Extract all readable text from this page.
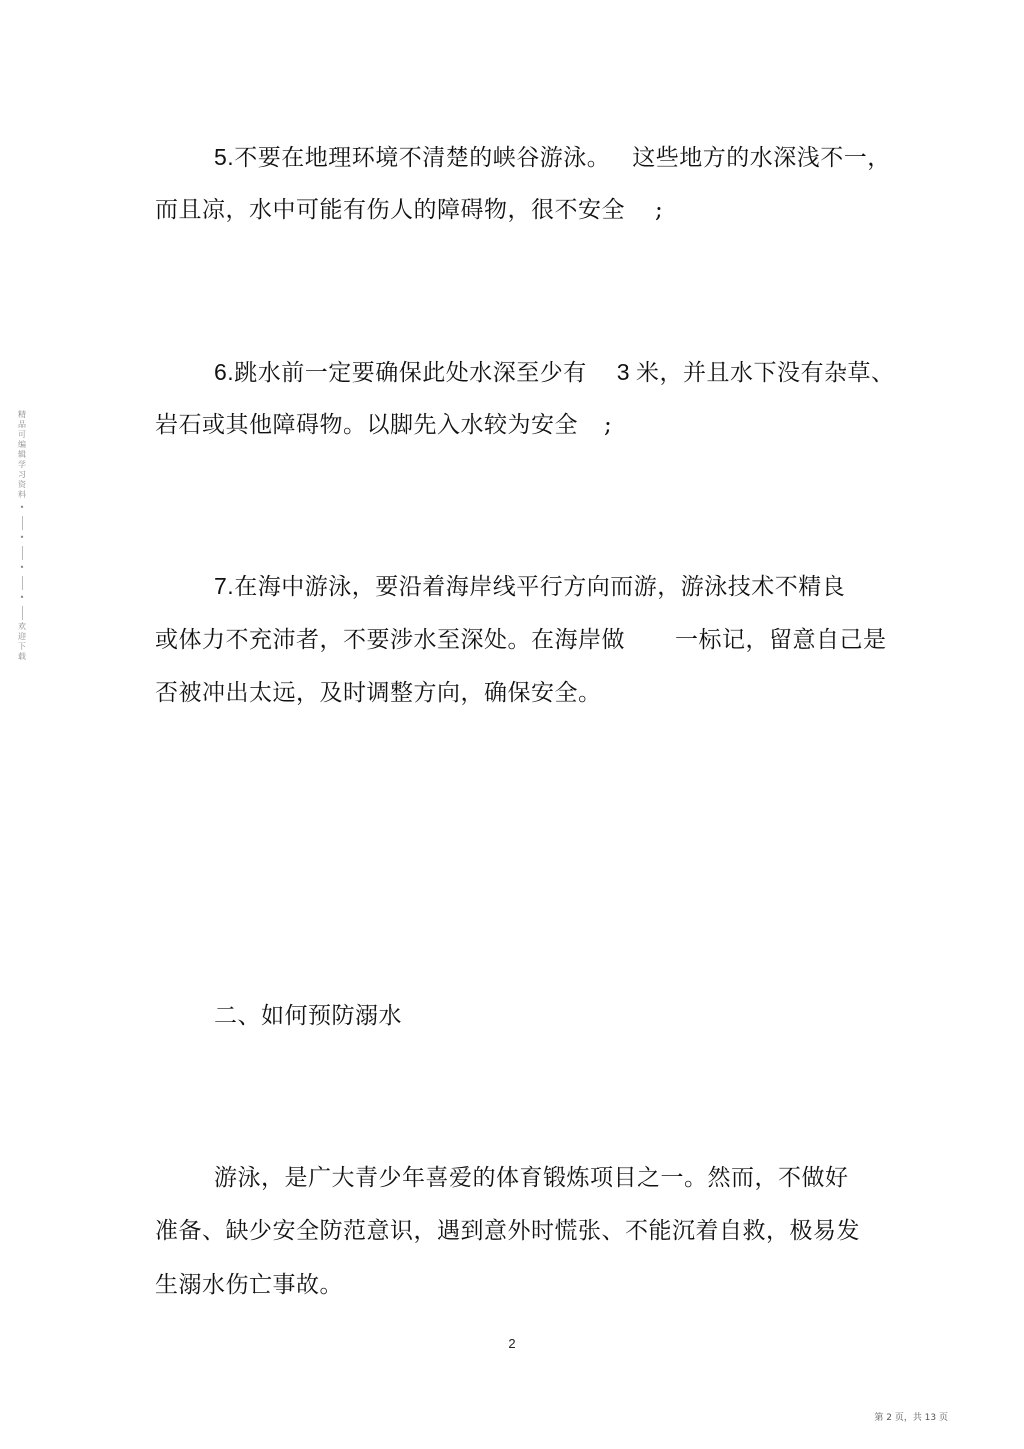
精品可编辑学习资料
•
•
•
•
欢迎下载
5.不要在地理环境不清楚的峡谷游泳。 这些地方的水深浅不一，
而且凉，水中可能有伤人的障碍物，很不安全 ;
6.跳水前一定要确保此处水深至少有 3 米，并且水下没有杂草、
岩石或其他障碍物。以脚先入水较为安全 ;
7.在海中游泳，要沿着海岸线平行方向而游，游泳技术不精良
或体力不充沛者，不要涉水至深处。在海岸做 一标记，留意自己是
否被冲出太远，及时调整方向，确保安全。
二、如何预防溺水
游泳，是广大青少年喜爱的体育锻炼项目之一。然而，不做好
准备、缺少安全防范意识，遇到意外时慌张、不能沉着自救，极易发
生溺水伤亡事故。
2
第 2 页，共 13 页
